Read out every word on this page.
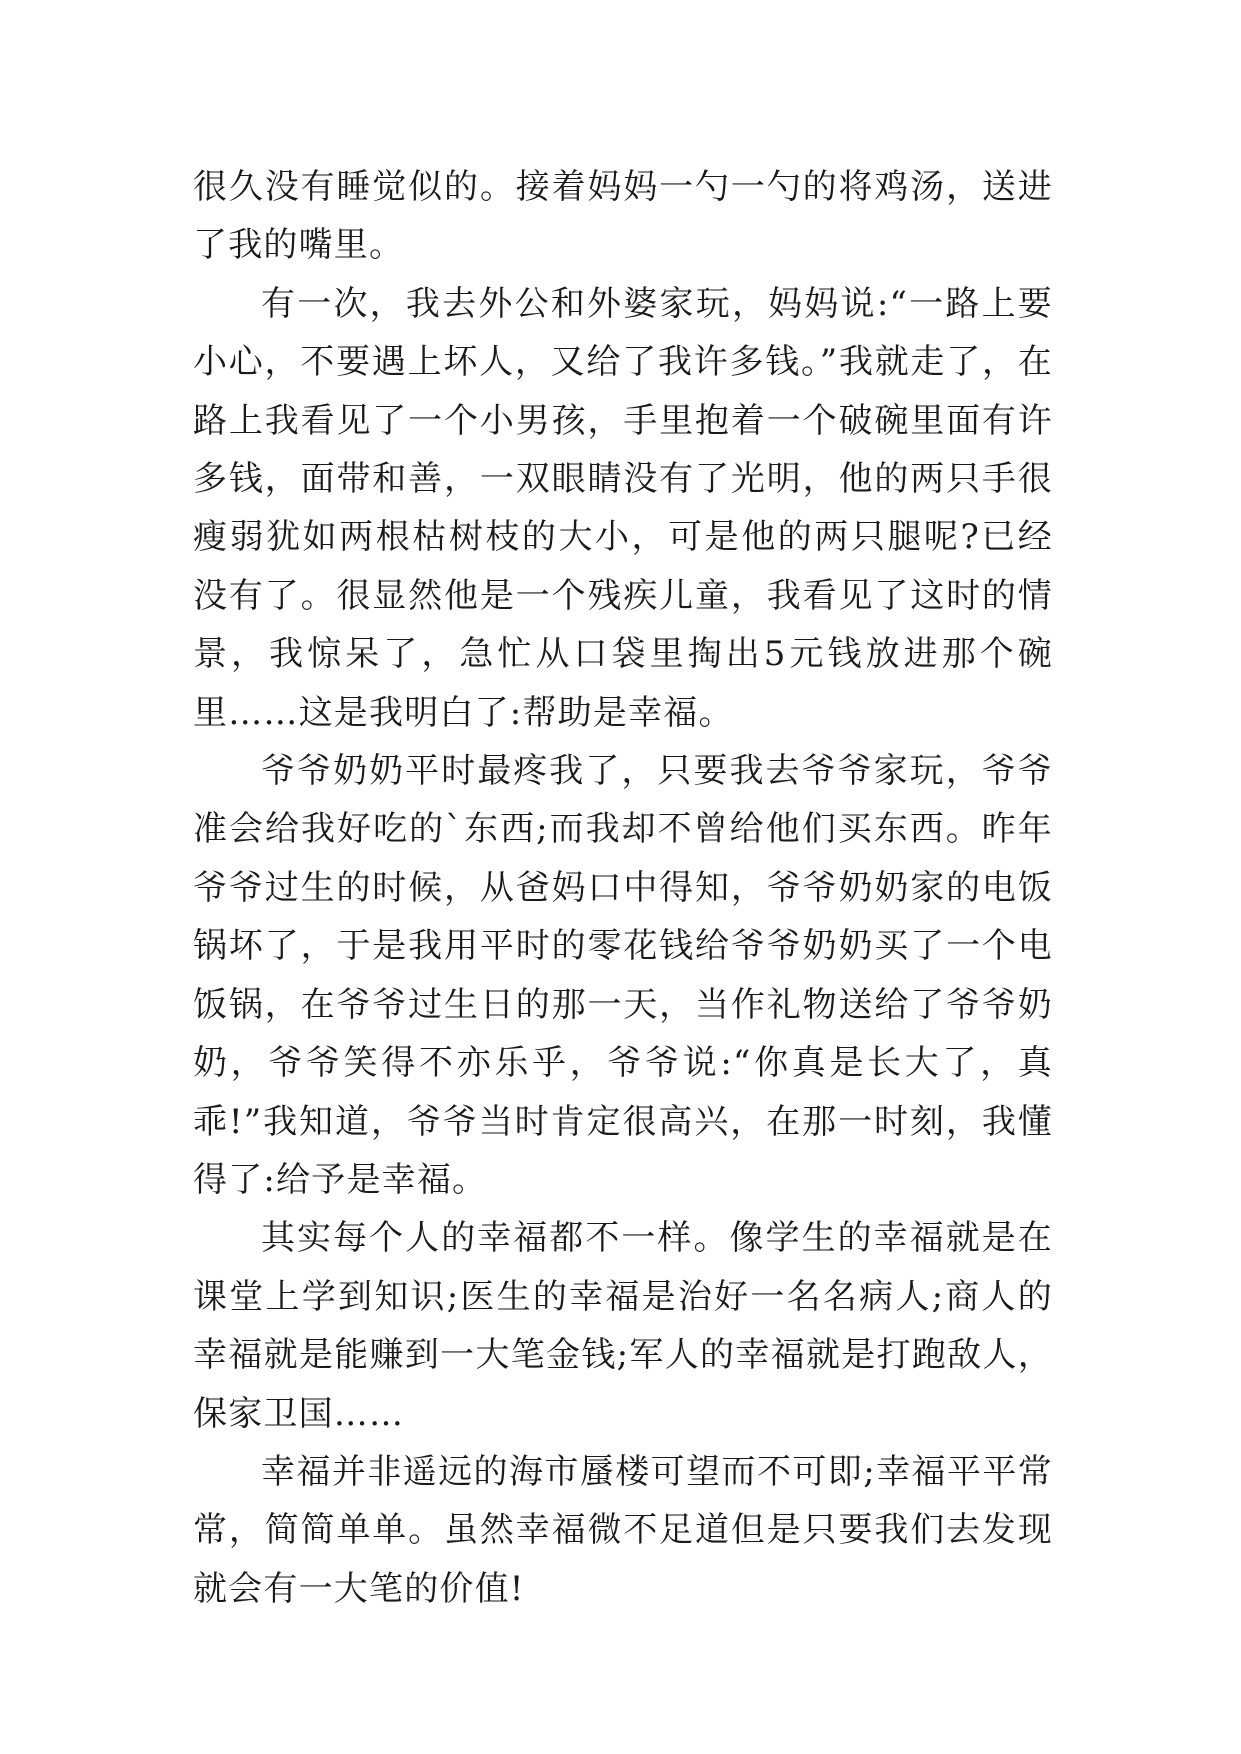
很久没有睡觉似的。接着妈妈一勺一勺的将鸡汤，送进了我的嘴里。

有一次，我去外公和外婆家玩，妈妈说:“一路上要小心，不要遇上坏人，又给了我许多钱。”我就走了，在路上我看见了一个小男孩，手里抱着一个破碗里面有许多钱，面带和善，一双眼睛没有了光明，他的两只手很瘦弱犹如两根枯树枝的大小，可是他的两只腿呢?已经没有了。很显然他是一个残疾儿童，我看见了这时的情景，我惊呆了，急忙从口袋里掏出5元钱放进那个碗里……这是我明白了:帮助是幸福。

爷爷奶奶平时最疼我了，只要我去爷爷家玩，爷爷准会给我好吃的`东西;而我却不曾给他们买东西。昨年爷爷过生的时候，从爸妈口中得知，爷爷奶奶家的电饭锅坏了，于是我用平时的零花钱给爷爷奶奶买了一个电饭锅，在爷爷过生日的那一天，当作礼物送给了爷爷奶奶，爷爷笑得不亦乐乎，爷爷说:“你真是长大了，真乖!”我知道，爷爷当时肯定很高兴，在那一时刻，我懂得了:给予是幸福。

其实每个人的幸福都不一样。像学生的幸福就是在课堂上学到知识;医生的幸福是治好一名名病人;商人的幸福就是能赚到一大笔金钱;军人的幸福就是打跑敌人，保家卫国……

幸福并非遥远的海市蜃楼可望而不可即;幸福平平常常，简简单单。虽然幸福微不足道但是只要我们去发现就会有一大笔的价值!
